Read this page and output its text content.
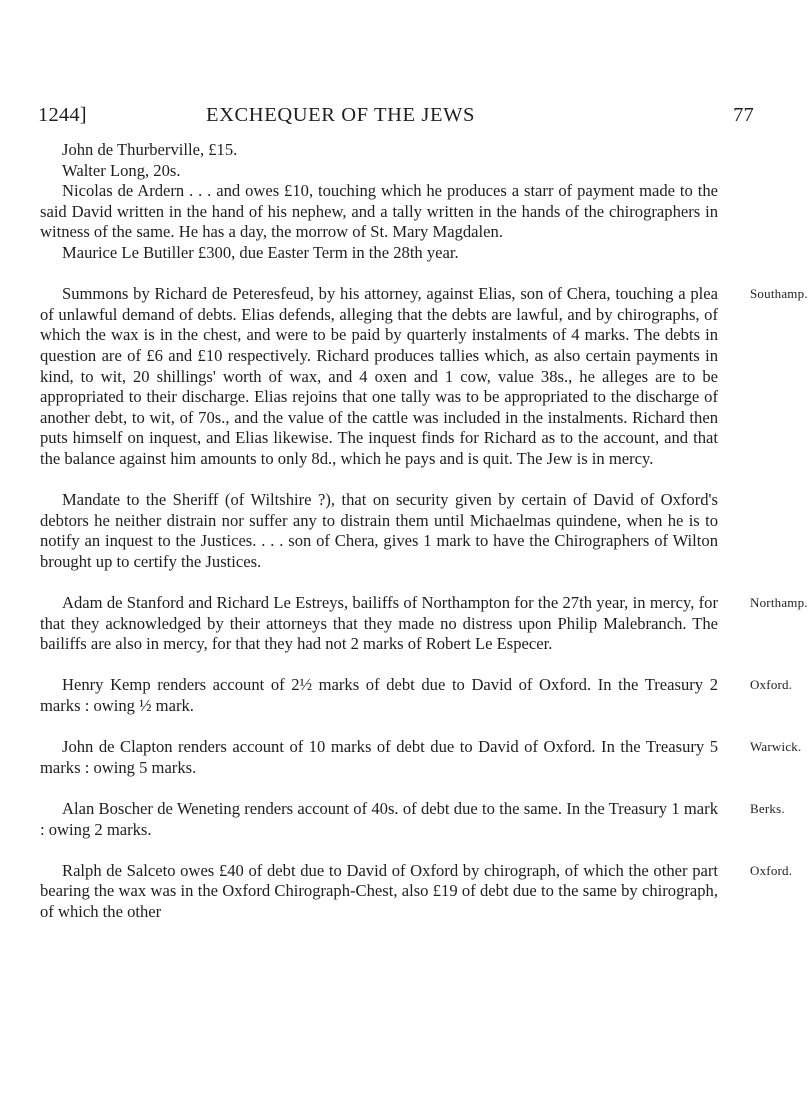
1244]	EXCHEQUER OF THE JEWS	77

John de Thurberville, £15.

Walter Long, 20s.

Nicolas de Ardern . . . and owes £10, touching which he produces a starr of payment made to the said David written in the hand of his nephew, and a tally written in the hands of the chirographers in witness of the same. He has a day, the morrow of St. Mary Magdalen.

Maurice Le Butiller £300, due Easter Term in the 28th year.

Summons by Richard de Peteresfeud, by his attorney, against Elias, son of Chera, touching a plea of unlawful demand of debts. Elias defends, alleging that the debts are lawful, and by chirographs, of which the wax is in the chest, and were to be paid by quarterly instalments of 4 marks. The debts in question are of £6 and £10 respectively. Richard produces tallies which, as also certain payments in kind, to wit, 20 shillings' worth of wax, and 4 oxen and 1 cow, value 38s., he alleges are to be appropriated to their discharge. Elias rejoins that one tally was to be appropriated to the discharge of another debt, to wit, of 70s., and the value of the cattle was included in the instalments. Richard then puts himself on inquest, and Elias likewise. The inquest finds for Richard as to the account, and that the balance against him amounts to only 8d., which he pays and is quit. The Jew is in mercy.
Southamp.

Mandate to the Sheriff (of Wiltshire ?), that on security given by certain of David of Oxford's debtors he neither distrain nor suffer any to distrain them until Michaelmas quindene, when he is to notify an inquest to the Justices. . . . son of Chera, gives 1 mark to have the Chirographers of Wilton brought up to certify the Justices.

Adam de Stanford and Richard Le Estreys, bailiffs of Northampton for the 27th year, in mercy, for that they acknowledged by their attorneys that they made no distress upon Philip Malebranch. The bailiffs are also in mercy, for that they had not 2 marks of Robert Le Especer.
Northamp.

Henry Kemp renders account of 2½ marks of debt due to David of Oxford. In the Treasury 2 marks : owing ½ mark.
Oxford.

John de Clapton renders account of 10 marks of debt due to David of Oxford. In the Treasury 5 marks : owing 5 marks.
Warwick.

Alan Boscher de Weneting renders account of 40s. of debt due to the same. In the Treasury 1 mark : owing 2 marks.
Berks.

Ralph de Salceto owes £40 of debt due to David of Oxford by chirograph, of which the other part bearing the wax was in the Oxford Chirograph-Chest, also £19 of debt due to the same by chirograph, of which the other
Oxford.
